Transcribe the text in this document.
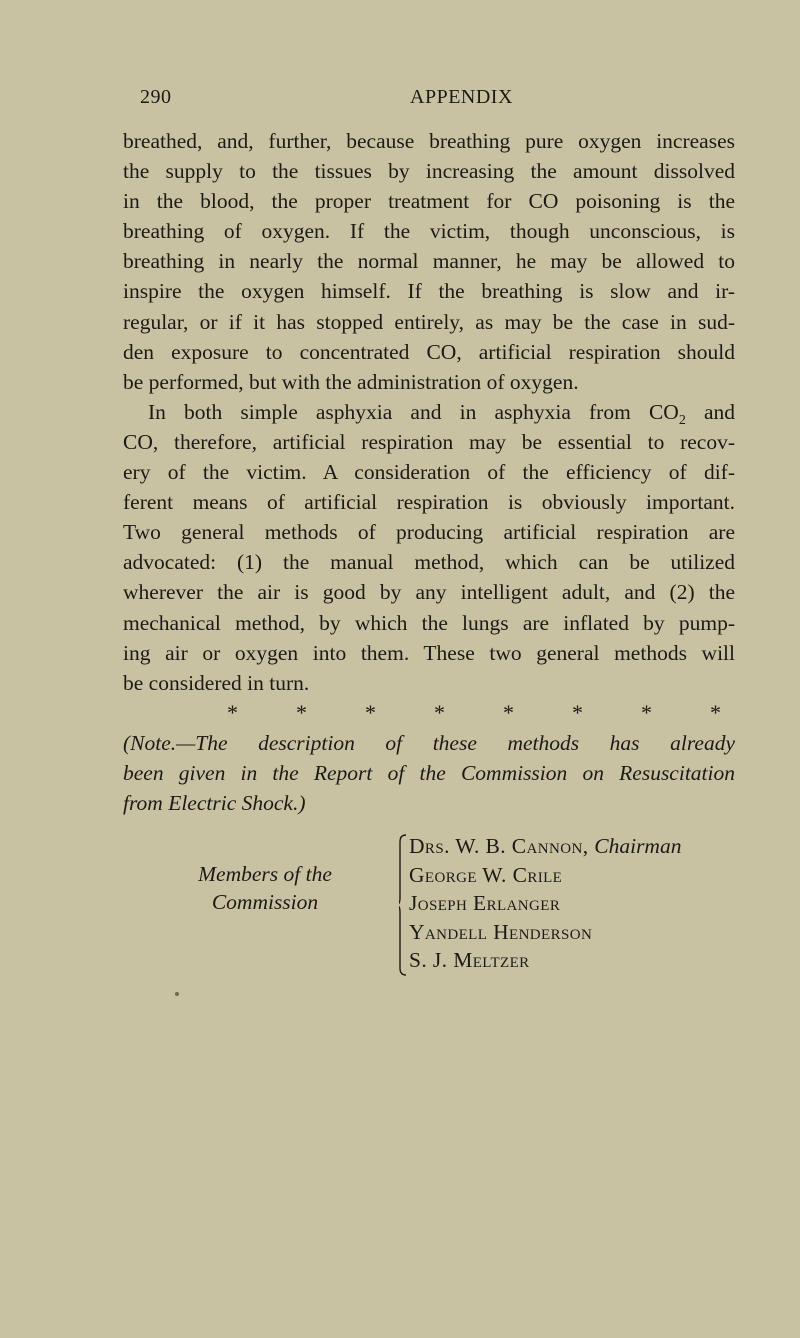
290	APPENDIX
breathed, and, further, because breathing pure oxygen increases
the supply to the tissues by increasing the amount dissolved
in the blood, the proper treatment for CO poisoning is the
breathing of oxygen. If the victim, though unconscious, is
breathing in nearly the normal manner, he may be allowed to
inspire the oxygen himself. If the breathing is slow and ir-
regular, or if it has stopped entirely, as may be the case in sud-
den exposure to concentrated CO, artificial respiration should
be performed, but with the administration of oxygen.
In both simple asphyxia and in asphyxia from $CO_2$ and
CO, therefore, artificial respiration may be essential to recov-
ery of the victim. A consideration of the efficiency of dif-
ferent means of artificial respiration is obviously important.
Two general methods of producing artificial respiration are
advocated: (1) the manual method, which can be utilized
wherever the air is good by any intelligent adult, and (2) the
mechanical method, by which the lungs are inflated by pump-
ing air or oxygen into them. These two general methods will
be considered in turn.
*	*	*	*	*	*	*	*
(Note.—The description of these methods has already
been given in the Report of the Commission on Resuscitation
from Electric Shock.)
Members of the
Commission
Drs. W. B. Cannon, Chairman
George W. Crile
Joseph Erlanger
Yandell Henderson
S. J. Meltzer
